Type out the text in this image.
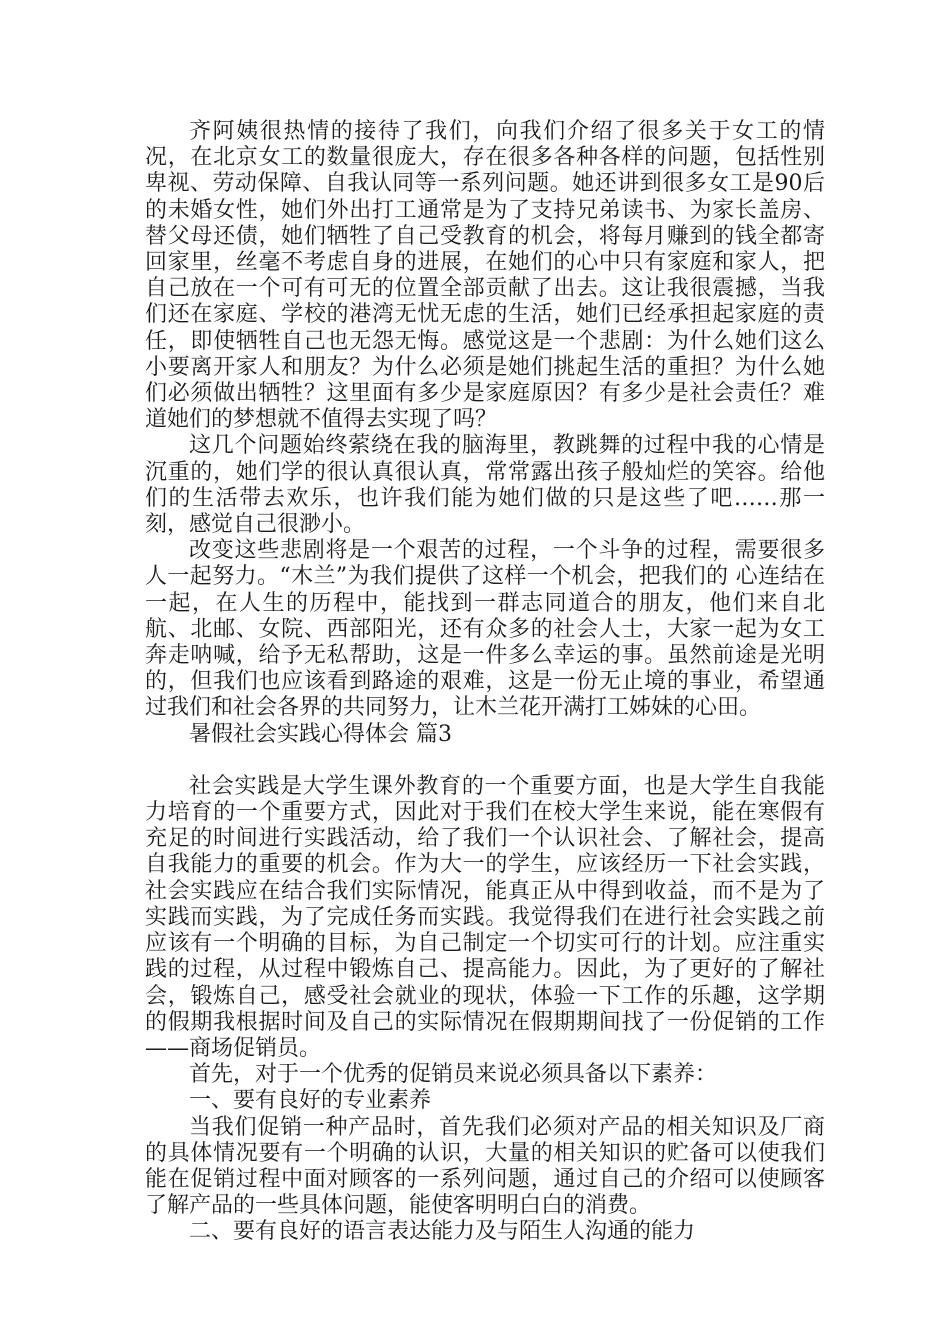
齐阿姨很热情的接待了我们，向我们介绍了很多关于女工的情况，在北京女工的数量很庞大，存在很多各种各样的问题，包括性别卑视、劳动保障、自我认同等一系列问题。她还讲到很多女工是90后的未婚女性，她们外出打工通常是为了支持兄弟读书、为家长盖房、替父母还债，她们牺牲了自己受教育的机会，将每月赚到的钱全都寄回家里，丝毫不考虑自身的进展，在她们的心中只有家庭和家人，把自己放在一个可有可无的位置全部贡献了出去。这让我很震撼，当我们还在家庭、学校的港湾无忧无虑的生活，她们已经承担起家庭的责任，即使牺牲自己也无怨无悔。感觉这是一个悲剧：为什么她们这么小要离开家人和朋友？为什么必须是她们挑起生活的重担？为什么她们必须做出牺牲？这里面有多少是家庭原因？有多少是社会责任？难道她们的梦想就不值得去实现了吗？

这几个问题始终萦绕在我的脑海里，教跳舞的过程中我的心情是沉重的，她们学的很认真很认真，常常露出孩子般灿烂的笑容。给他们的生活带去欢乐，也许我们能为她们做的只是这些了吧……那一刻，感觉自己很渺小。

改变这些悲剧将是一个艰苦的过程，一个斗争的过程，需要很多人一起努力。“木兰”为我们提供了这样一个机会，把我们的 心连结在一起，在人生的历程中，能找到一群志同道合的朋友，他们来自北航、北邮、女院、西部阳光，还有众多的社会人士，大家一起为女工奔走呐喊，给予无私帮助，这是一件多么幸运的事。虽然前途是光明的，但我们也应该看到路途的艰难，这是一份无止境的事业，希望通过我们和社会各界的共同努力，让木兰花开满打工姊妹的心田。

暑假社会实践心得体会 篇3

社会实践是大学生课外教育的一个重要方面，也是大学生自我能力培育的一个重要方式，因此对于我们在校大学生来说，能在寒假有充足的时间进行实践活动，给了我们一个认识社会、了解社会，提高自我能力的重要的机会。作为大一的学生，应该经历一下社会实践，社会实践应在结合我们实际情况，能真正从中得到收益，而不是为了实践而实践，为了完成任务而实践。我觉得我们在进行社会实践之前应该有一个明确的目标，为自己制定一个切实可行的计划。应注重实践的过程，从过程中锻炼自己、提高能力。因此，为了更好的了解社会，锻炼自己，感受社会就业的现状，体验一下工作的乐趣，这学期的假期我根据时间及自己的实际情况在假期期间找了一份促销的工作——商场促销员。

首先，对于一个优秀的促销员来说必须具备以下素养：

一、要有良好的专业素养

当我们促销一种产品时，首先我们必须对产品的相关知识及厂商的具体情况要有一个明确的认识，大量的相关知识的贮备可以使我们能在促销过程中面对顾客的一系列问题，通过自己的介绍可以使顾客了解产品的一些具体问题，能使客明明白白的消费。

二、要有良好的语言表达能力及与陌生人沟通的能力
